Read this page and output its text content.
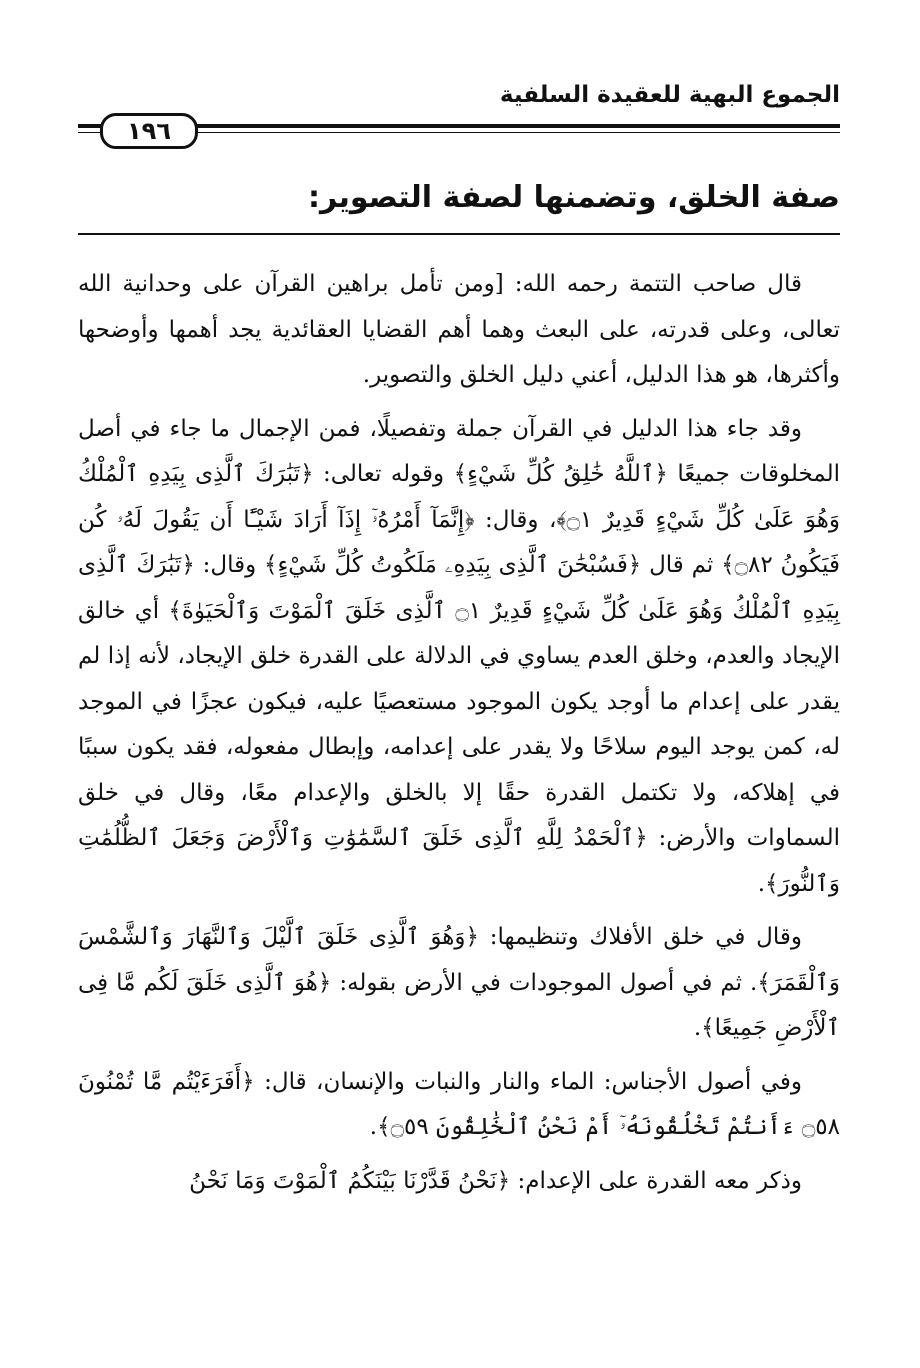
الجموع البهية للعقيدة السلفية
١٩٦
صفة الخلق، وتضمنها لصفة التصوير:

قال صاحب التتمة رحمه الله: [ومن تأمل براهين القرآن على وحدانية الله تعالى، وعلى قدرته، على البعث وهما أهم القضايا العقائدية يجد أهمها وأوضحها وأكثرها، هو هذا الدليل، أعني دليل الخلق والتصوير.

وقد جاء هذا الدليل في القرآن جملة وتفصيلًا، فمن الإجمال ما جاء في أصل المخلوقات جميعًا ﴿ٱللَّهُ خَٰلِقُ كُلِّ شَيْءٍ﴾ وقوله تعالى: ﴿تَبَٰرَكَ ٱلَّذِى بِيَدِهِ ٱلْمُلْكُ وَهُوَ عَلَىٰ كُلِّ شَيْءٍ قَدِيرٌ ۝١﴾، وقال: ﴿إِنَّمَآ أَمْرُهُۥٓ إِذَآ أَرَادَ شَيْـًٔا أَن يَقُولَ لَهُۥ كُن فَيَكُونُ ۝٨٢﴾ ثم قال ﴿فَسُبْحَٰنَ ٱلَّذِى بِيَدِهِۦ مَلَكُوتُ كُلِّ شَيْءٍ﴾ وقال: ﴿تَبَٰرَكَ ٱلَّذِى بِيَدِهِ ٱلْمُلْكُ وَهُوَ عَلَىٰ كُلِّ شَيْءٍ قَدِيرٌ ۝١ ٱلَّذِى خَلَقَ ٱلْمَوْتَ وَٱلْحَيَوٰةَ﴾ أي خالق الإيجاد والعدم، وخلق العدم يساوي في الدلالة على القدرة خلق الإيجاد، لأنه إذا لم يقدر على إعدام ما أوجد يكون الموجود مستعصيًا عليه، فيكون عجزًا في الموجد له، كمن يوجد اليوم سلاحًا ولا يقدر على إعدامه، وإبطال مفعوله، فقد يكون سببًا في إهلاكه، ولا تكتمل القدرة حقًا إلا بالخلق والإعدام معًا، وقال في خلق السماوات والأرض: ﴿ٱلْحَمْدُ لِلَّهِ ٱلَّذِى خَلَقَ ٱلسَّمَٰوَٰتِ وَٱلْأَرْضَ وَجَعَلَ ٱلظُّلُمَٰتِ وَٱلنُّورَ﴾.

وقال في خلق الأفلاك وتنظيمها: ﴿وَهُوَ ٱلَّذِى خَلَقَ ٱلَّيْلَ وَٱلنَّهَارَ وَٱلشَّمْسَ وَٱلْقَمَرَ﴾. ثم في أصول الموجودات في الأرض بقوله: ﴿هُوَ ٱلَّذِى خَلَقَ لَكُم مَّا فِى ٱلْأَرْضِ جَمِيعًا﴾.

وفي أصول الأجناس: الماء والنار والنبات والإنسان، قال: ﴿أَفَرَءَيْتُم مَّا تُمْنُونَ ۝٥٨ ءَأَنتُمْ تَخْلُقُونَهُۥٓ أَمْ نَحْنُ ٱلْخَٰلِقُونَ ۝٥٩﴾.

وذكر معه القدرة على الإعدام: ﴿نَحْنُ قَدَّرْنَا بَيْنَكُمُ ٱلْمَوْتَ وَمَا نَحْنُ
